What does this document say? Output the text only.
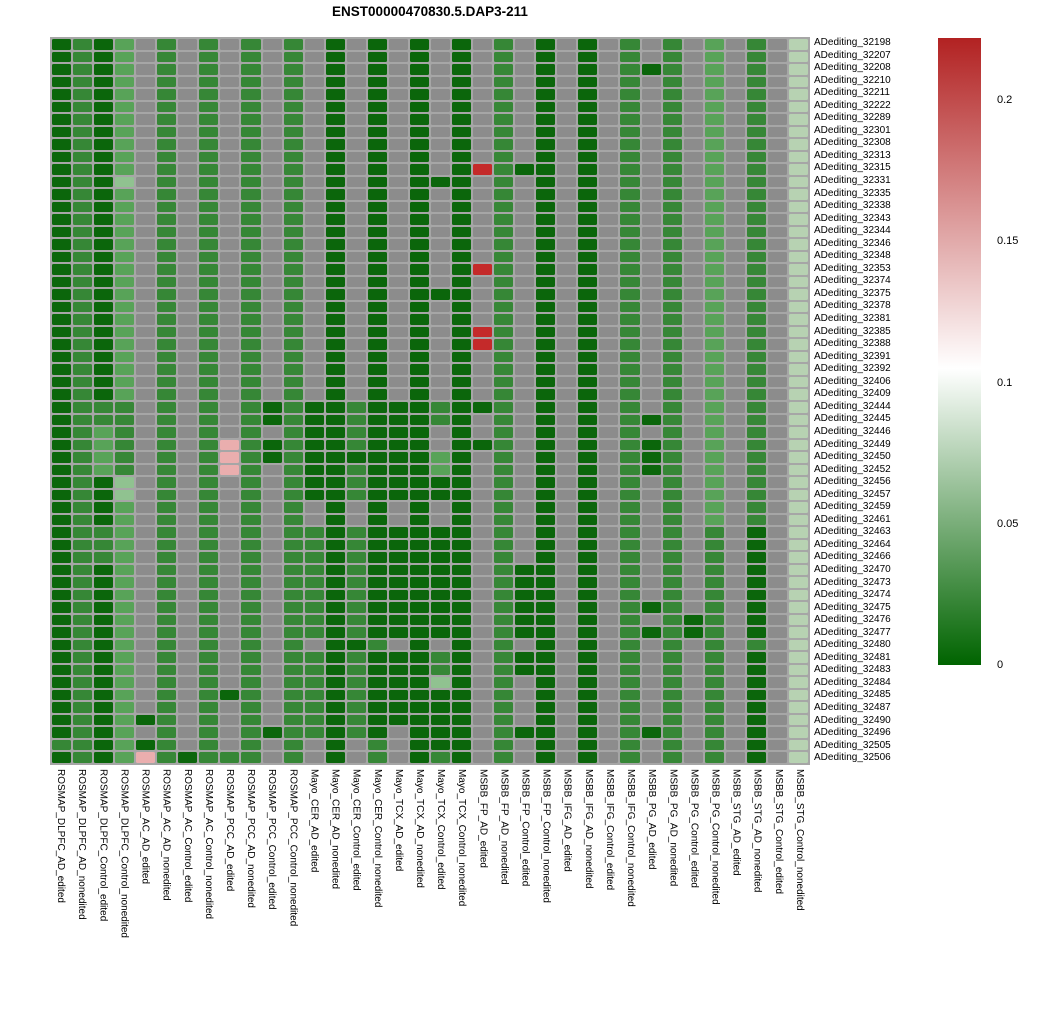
ENST00000470830.5.DAP3-211
ADediting_32198
ADediting_32207
ADediting_32208
ADediting_32210
ADediting_32211
ADediting_32222
ADediting_32289
ADediting_32301
ADediting_32308
ADediting_32313
ADediting_32315
ADediting_32331
ADediting_32335
ADediting_32338
ADediting_32343
ADediting_32344
ADediting_32346
ADediting_32348
ADediting_32353
ADediting_32374
ADediting_32375
ADediting_32378
ADediting_32381
ADediting_32385
ADediting_32388
ADediting_32391
ADediting_32392
ADediting_32406
ADediting_32409
ADediting_32444
ADediting_32445
ADediting_32446
ADediting_32449
ADediting_32450
ADediting_32452
ADediting_32456
ADediting_32457
ADediting_32459
ADediting_32461
ADediting_32463
ADediting_32464
ADediting_32466
ADediting_32470
ADediting_32473
ADediting_32474
ADediting_32475
ADediting_32476
ADediting_32477
ADediting_32480
ADediting_32481
ADediting_32483
ADediting_32484
ADediting_32485
ADediting_32487
ADediting_32490
ADediting_32496
ADediting_32505
ADediting_32506
ROSMAP_DLPFC_AD_edited	ROSMAP_DLPFC_AD_nonedited	ROSMAP_DLPFC_Control_edited	ROSMAP_DLPFC_Control_nonedited	ROSMAP_AC_AD_edited	ROSMAP_AC_AD_nonedited	ROSMAP_AC_Control_edited	ROSMAP_AC_Control_nonedited	ROSMAP_PCC_AD_edited	ROSMAP_PCC_AD_nonedited	ROSMAP_PCC_Control_edited	ROSMAP_PCC_Control_nonedited	Mayo_CER_AD_edited	Mayo_CER_AD_nonedited	Mayo_CER_Control_edited	Mayo_CER_Control_nonedited	Mayo_TCX_AD_edited	Mayo_TCX_AD_nonedited	Mayo_TCX_Control_edited	Mayo_TCX_Control_nonedited	MSBB_FP_AD_edited	MSBB_FP_AD_nonedited	MSBB_FP_Control_edited	MSBB_FP_Control_nonedited	MSBB_IFG_AD_edited	MSBB_IFG_AD_nonedited	MSBB_IFG_Control_edited	MSBB_IFG_Control_nonedited	MSBB_PG_AD_edited	MSBB_PG_AD_nonedited	MSBB_PG_Control_edited	MSBB_PG_Control_nonedited	MSBB_STG_AD_edited	MSBB_STG_AD_nonedited	MSBB_STG_Control_edited	MSBB_STG_Control_nonedited
0
0.05
0.1
0.15
0.2
